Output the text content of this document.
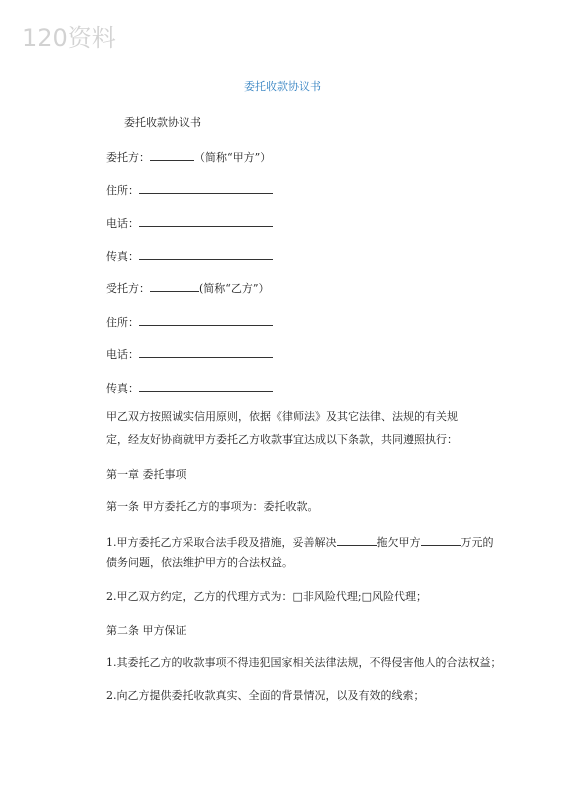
120资料
委托收款协议书
委托收款协议书
委托方：	（简称“甲方”）
住所：
电话：
传真：
受托方：	(简称“乙方”）
住所：
电话：
传真：
甲乙双方按照诚实信用原则，依据《律师法》及其它法律、法规的有关规定，经友好协商就甲方委托乙方收款事宜达成以下条款，共同遵照执行：
第一章 委托事项
第一条 甲方委托乙方的事项为：委托收款。
1.甲方委托乙方采取合法手段及措施，妥善解决	拖欠甲方	万元的
债务问题，依法维护甲方的合法权益。
2.甲乙双方约定，乙方的代理方式为：□非风险代理;□风险代理；
第二条 甲方保证
1.其委托乙方的收款事项不得违犯国家相关法律法规，不得侵害他人的合法权益；
2.向乙方提供委托收款真实、全面的背景情况，以及有效的线索；
